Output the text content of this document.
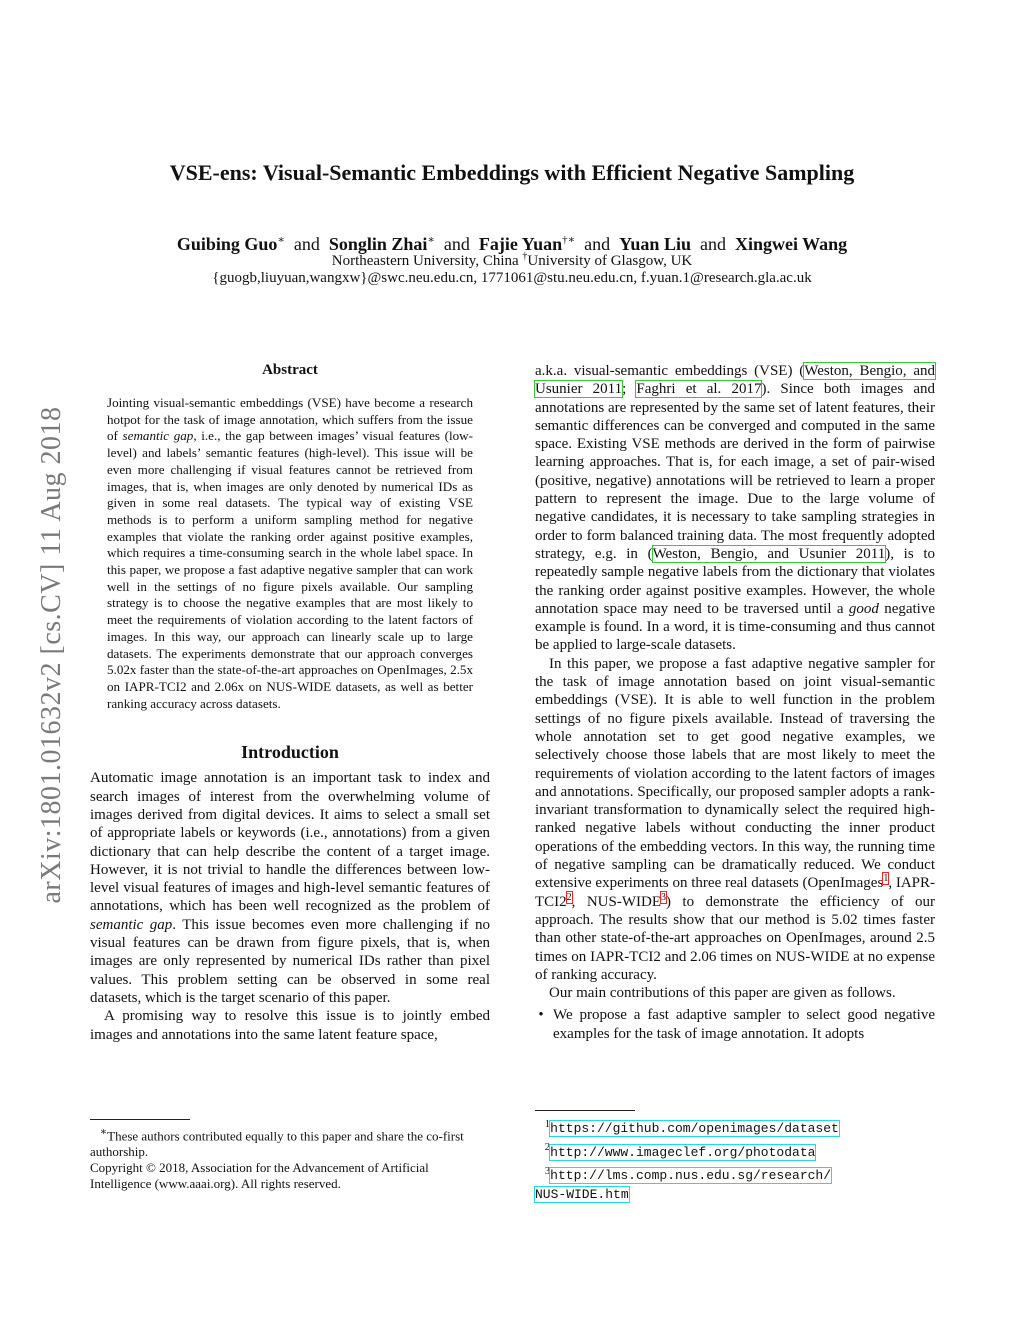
arXiv:1801.01632v2 [cs.CV] 11 Aug 2018
VSE-ens: Visual-Semantic Embeddings with Efficient Negative Sampling
Guibing Guo∗ and Songlin Zhai∗ and Fajie Yuan†∗ and Yuan Liu and Xingwei Wang
Northeastern University, China †University of Glasgow, UK
{guogb,liuyuan,wangxw}@swc.neu.edu.cn, 1771061@stu.neu.edu.cn, f.yuan.1@research.gla.ac.uk
Abstract

Jointing visual-semantic embeddings (VSE) have become a research hotpot for the task of image annotation, which suffers from the issue of semantic gap, i.e., the gap between images’ visual features (low-level) and labels’ semantic features (high-level). This issue will be even more challenging if visual features cannot be retrieved from images, that is, when images are only denoted by numerical IDs as given in some real datasets. The typical way of existing VSE methods is to perform a uniform sampling method for negative examples that violate the ranking order against positive examples, which requires a time-consuming search in the whole label space. In this paper, we propose a fast adaptive negative sampler that can work well in the settings of no figure pixels available. Our sampling strategy is to choose the negative examples that are most likely to meet the requirements of violation according to the latent factors of images. In this way, our approach can linearly scale up to large datasets. The experiments demonstrate that our approach converges 5.02x faster than the state-of-the-art approaches on OpenImages, 2.5x on IAPR-TCI2 and 2.06x on NUS-WIDE datasets, as well as better ranking accuracy across datasets.

Introduction

Automatic image annotation is an important task to index and search images of interest from the overwhelming volume of images derived from digital devices. It aims to select a small set of appropriate labels or keywords (i.e., annotations) from a given dictionary that can help describe the content of a target image. However, it is not trivial to handle the differences between low-level visual features of images and high-level semantic features of annotations, which has been well recognized as the problem of semantic gap. This issue becomes even more challenging if no visual features can be drawn from figure pixels, that is, when images are only represented by numerical IDs rather than pixel values. This problem setting can be observed in some real datasets, which is the target scenario of this paper.

A promising way to resolve this issue is to jointly embed images and annotations into the same latent feature space,

∗These authors contributed equally to this paper and share the co-first authorship.

Copyright © 2018, Association for the Advancement of Artificial Intelligence (www.aaai.org). All rights reserved.

a.k.a. visual-semantic embeddings (VSE) (Weston, Bengio, and Usunier 2011; Faghri et al. 2017). Since both images and annotations are represented by the same set of latent features, their semantic differences can be converged and computed in the same space. Existing VSE methods are derived in the form of pairwise learning approaches. That is, for each image, a set of pair-wised (positive, negative) annotations will be retrieved to learn a proper pattern to represent the image. Due to the large volume of negative candidates, it is necessary to take sampling strategies in order to form balanced training data. The most frequently adopted strategy, e.g. in (Weston, Bengio, and Usunier 2011), is to repeatedly sample negative labels from the dictionary that violates the ranking order against positive examples. However, the whole annotation space may need to be traversed until a good negative example is found. In a word, it is time-consuming and thus cannot be applied to large-scale datasets.

In this paper, we propose a fast adaptive negative sampler for the task of image annotation based on joint visual-semantic embeddings (VSE). It is able to well function in the problem settings of no figure pixels available. Instead of traversing the whole annotation set to get good negative examples, we selectively choose those labels that are most likely to meet the requirements of violation according to the latent factors of images and annotations. Specifically, our proposed sampler adopts a rank-invariant transformation to dynamically select the required high-ranked negative labels without conducting the inner product operations of the embedding vectors. In this way, the running time of negative sampling can be dramatically reduced. We conduct extensive experiments on three real datasets (OpenImages$^1$, IAPR-TCI2$^2$, NUS-WIDE$^3$) to demonstrate the efficiency of our approach. The results show that our method is 5.02 times faster than other state-of-the-art approaches on OpenImages, around 2.5 times on IAPR-TCI2 and 2.06 times on NUS-WIDE at no expense of ranking accuracy.

Our main contributions of this paper are given as follows.

• We propose a fast adaptive sampler to select good negative examples for the task of image annotation. It adopts
$^1$https://github.com/openimages/dataset
$^2$http://www.imageclef.org/photodata
$^3$http://lms.comp.nus.edu.sg/research/
NUS-WIDE.htm
